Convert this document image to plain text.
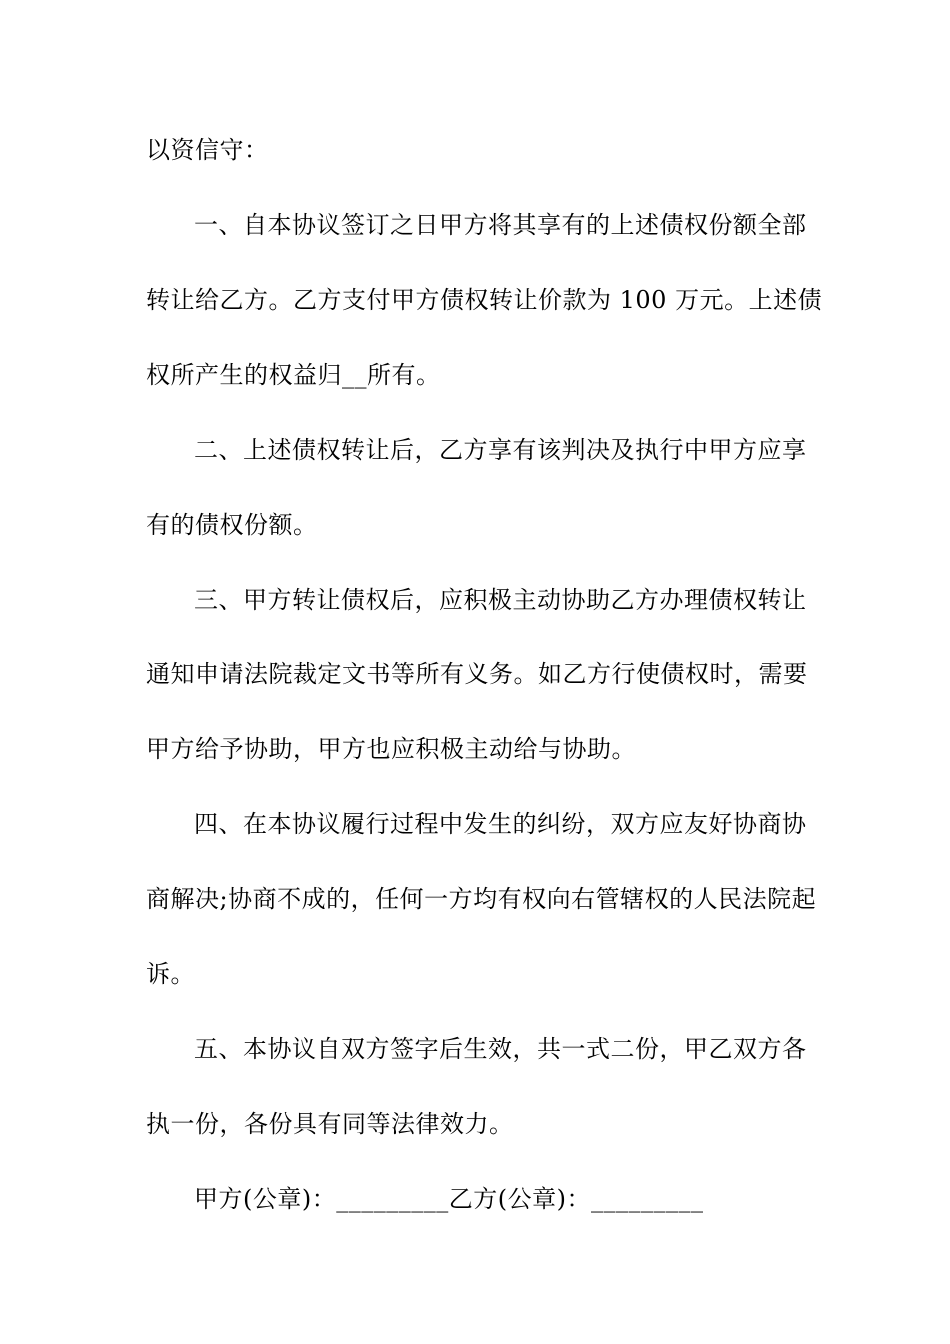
以资信守：
一、自本协议签订之日甲方将其享有的上述债权份额全部
转让给乙方。乙方支付甲方债权转让价款为 100 万元。上述债
权所产生的权益归__所有。
二、上述债权转让后，乙方享有该判决及执行中甲方应享
有的债权份额。
三、甲方转让债权后，应积极主动协助乙方办理债权转让
通知申请法院裁定文书等所有义务。如乙方行使债权时，需要
甲方给予协助，甲方也应积极主动给与协助。
四、在本协议履行过程中发生的纠纷，双方应友好协商协
商解决;协商不成的，任何一方均有权向右管辖权的人民法院起
诉。
五、本协议自双方签字后生效，共一式二份，甲乙双方各
执一份，各份具有同等法律效力。
甲方(公章)：_________乙方(公章)：_________
